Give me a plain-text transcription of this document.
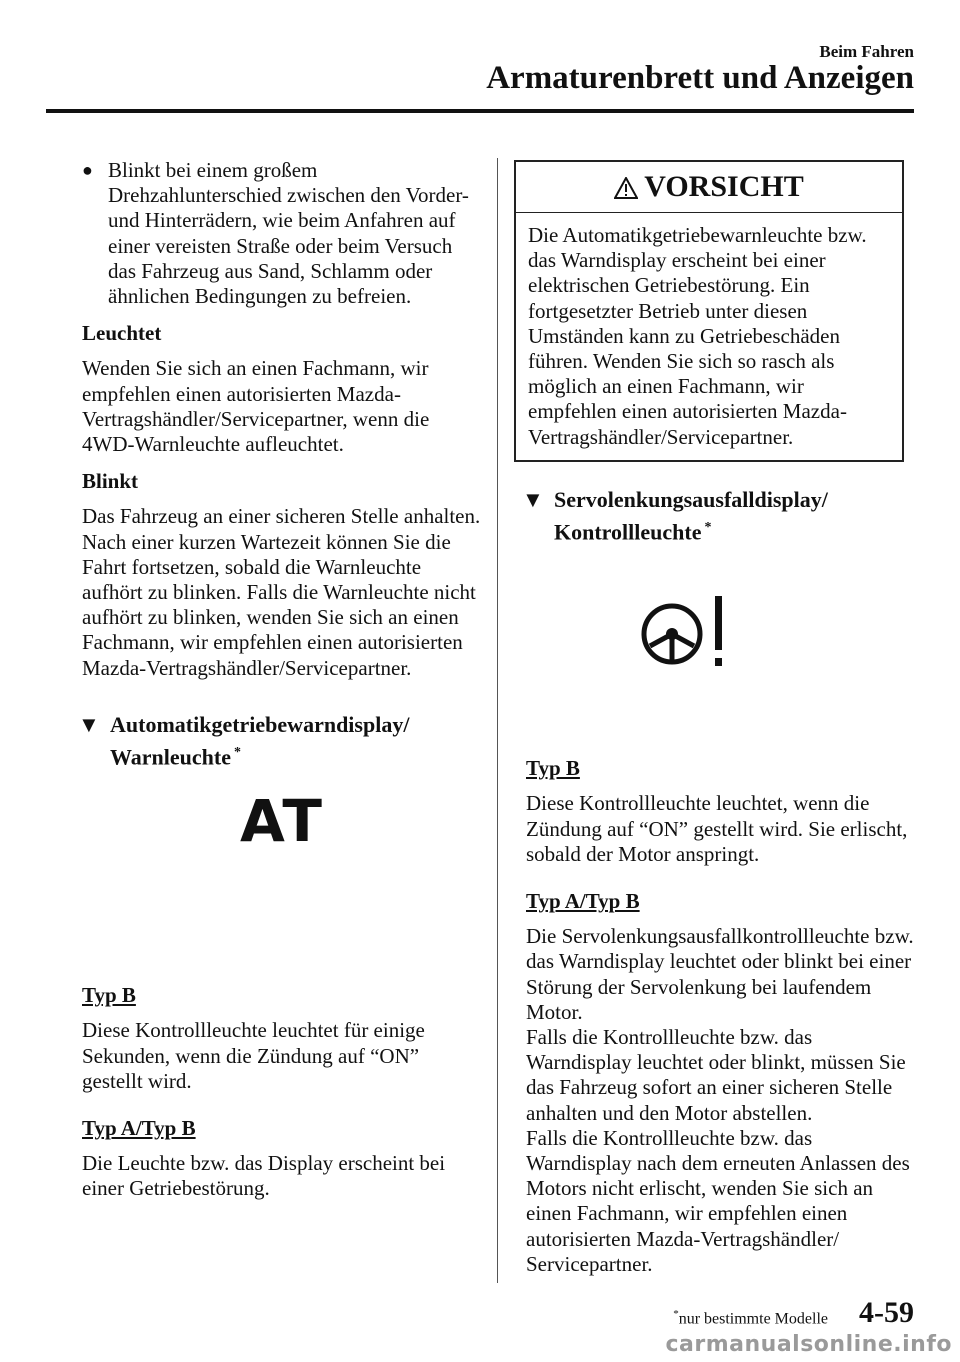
Beim Fahren
Armaturenbrett und Anzeigen
● Blinkt bei einem großem Drehzahlunterschied zwischen den Vorder- und Hinterrädern, wie beim Anfahren auf einer vereisten Straße oder beim Versuch das Fahrzeug aus Sand, Schlamm oder ähnlichen Bedingungen zu befreien.

Leuchtet

Wenden Sie sich an einen Fachmann, wir empfehlen einen autorisierten Mazda-Vertragshändler/Servicepartner, wenn die 4WD-Warnleuchte aufleuchtet.

Blinkt

Das Fahrzeug an einer sicheren Stelle anhalten. Nach einer kurzen Wartezeit können Sie die Fahrt fortsetzen, sobald die Warnleuchte aufhört zu blinken. Falls die Warnleuchte nicht aufhört zu blinken, wenden Sie sich an einen Fachmann, wir empfehlen einen autorisierten Mazda-Vertragshändler/Servicepartner.

▼ Automatikgetriebewarndisplay/ Warnleuchte *
AT

Typ B

Diese Kontrollleuchte leuchtet für einige Sekunden, wenn die Zündung auf “ON” gestellt wird.

Typ A/Typ B

Die Leuchte bzw. das Display erscheint bei einer Getriebestörung.

VORSICHT
Die Automatikgetriebewarnleuchte bzw. das Warndisplay erscheint bei einer elektrischen Getriebestörung. Ein fortgesetzter Betrieb unter diesen Umständen kann zu Getriebeschäden führen. Wenden Sie sich so rasch als möglich an einen Fachmann, wir empfehlen einen autorisierten Mazda-Vertragshändler/Servicepartner.
▼ Servolenkungsausfalldisplay/ Kontrollleuchte *

Typ B

Diese Kontrollleuchte leuchtet, wenn die Zündung auf “ON” gestellt wird. Sie erlischt, sobald der Motor anspringt.

Typ A/Typ B

Die Servolenkungsausfallkontrollleuchte bzw. das Warndisplay leuchtet oder blinkt bei einer Störung der Servolenkung bei laufendem Motor.

Falls die Kontrollleuchte bzw. das Warndisplay leuchtet oder blinkt, müssen Sie das Fahrzeug sofort an einer sicheren Stelle anhalten und den Motor abstellen.

Falls die Kontrollleuchte bzw. das Warndisplay nach dem erneuten Anlassen des Motors nicht erlischt, wenden Sie sich an einen Fachmann, wir empfehlen einen autorisierten Mazda-Vertragshändler/ Servicepartner.

*nur bestimmte Modelle 4-59
carmanualsonline.info
